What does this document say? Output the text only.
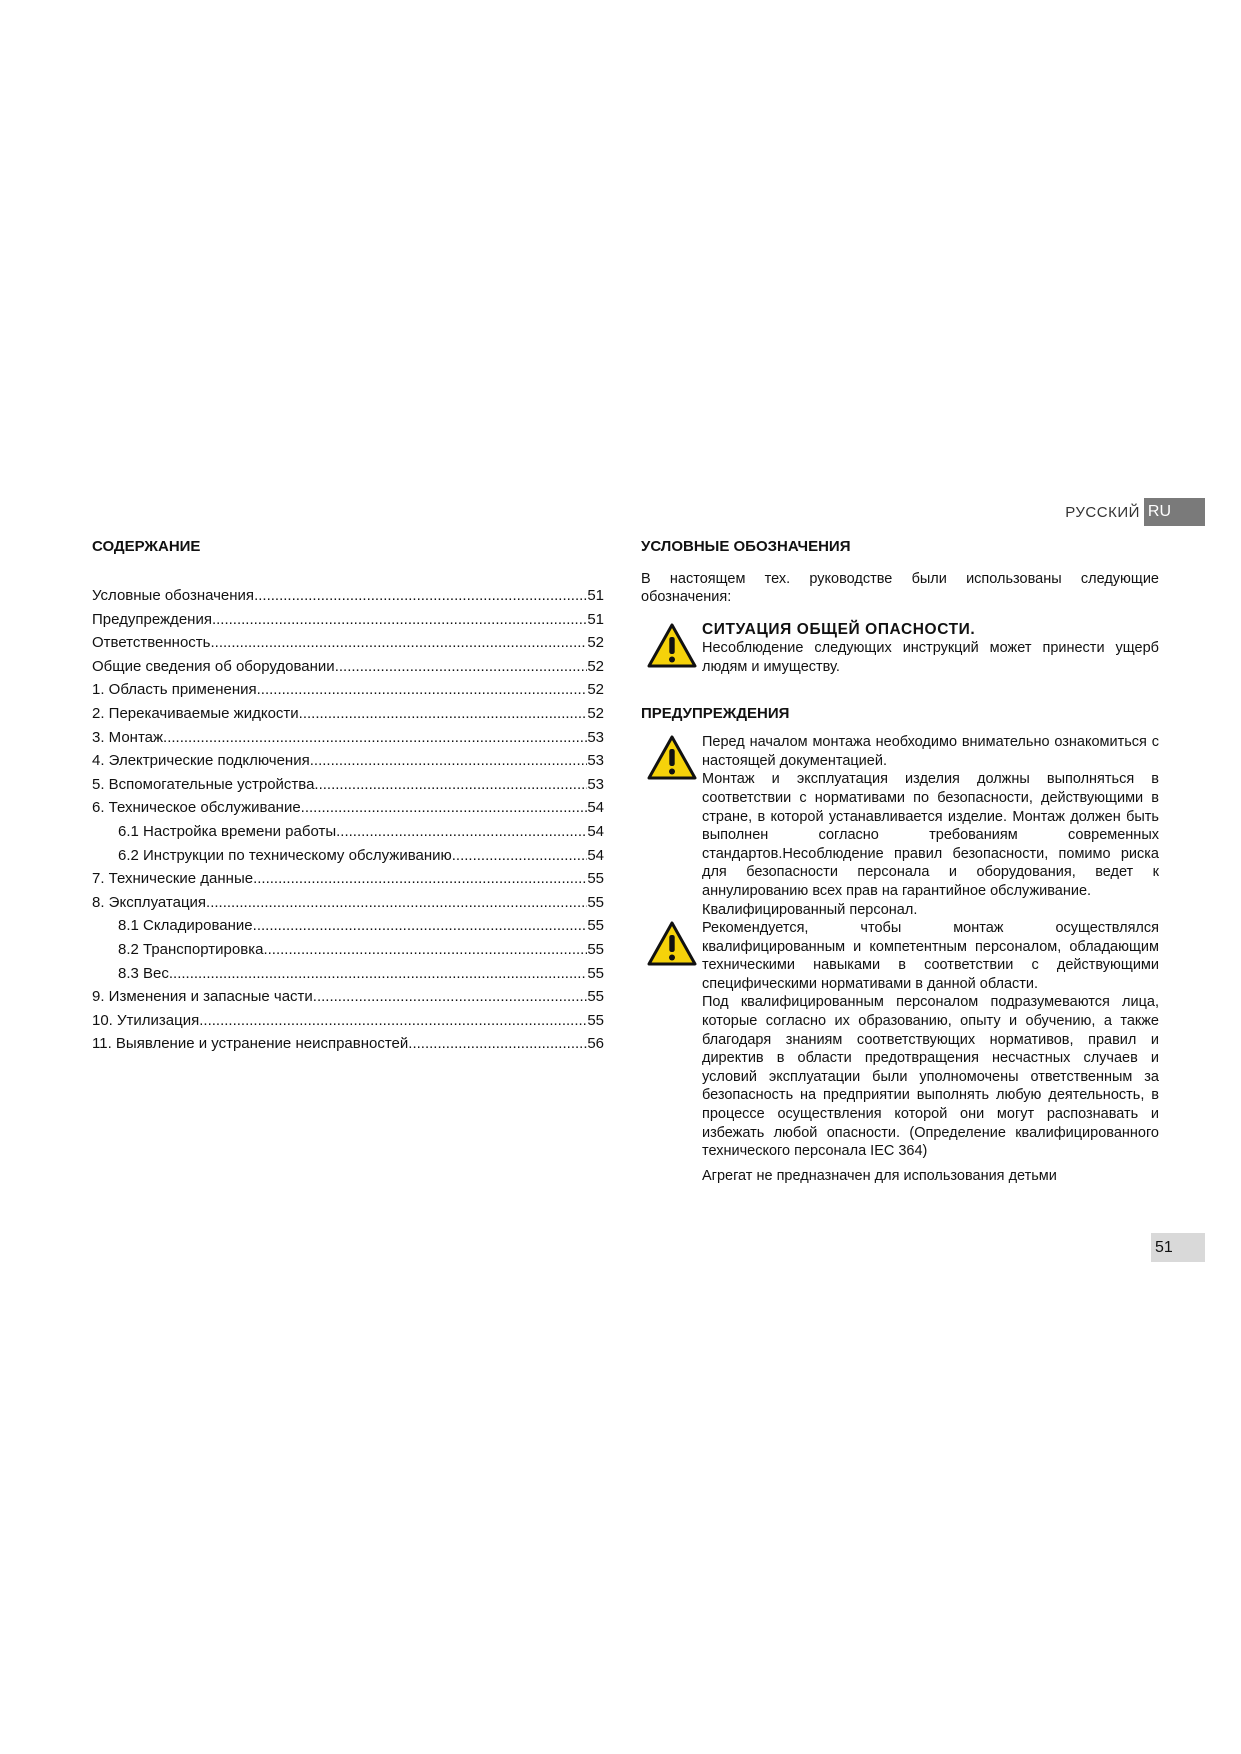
РУССКИЙ RU

СОДЕРЖАНИЕ

Условные обозначения .....	51
Предупреждения .....	51
Ответственность .....	52
Общие сведения об оборудовании .....	52
1. Область применения .....	52
2. Перекачиваемые жидкости .....	52
3. Монтаж .....	53
4. Электрические подключения .....	53
5. Вспомогательные устройства .....	53
6. Техническое обслуживание .....	54
6.1 Настройка времени работы .....	54
6.2 Инструкции по техническому обслуживанию .....	54
7. Технические данные .....	55
8. Эксплуатация .....	55
8.1 Складирование .....	55
8.2 Транспортировка .....	55
8.3 Вес .....	55
9. Изменения и запасные части .....	55
10. Утилизация .....	55
11. Выявление и устранение неисправностей .....	56

УСЛОВНЫЕ ОБОЗНАЧЕНИЯ

В настоящем тех. руководстве были использованы следующие обозначения:

СИТУАЦИЯ ОБЩЕЙ ОПАСНОСТИ.

Несоблюдение следующих инструкций может принести ущерб людям и имуществу.

ПРЕДУПРЕЖДЕНИЯ

Перед началом монтажа необходимо внимательно ознакомиться с настоящей документацией.

Монтаж и эксплуатация изделия должны выполняться в соответствии с нормативами по безопасности, действующими в стране, в которой устанавливается изделие. Монтаж должен быть выполнен согласно требованиям современных стандартов.Несоблюдение правил безопасности, помимо риска для безопасности персонала и оборудования, ведет к аннулированию всех прав на гарантийное обслуживание.

Квалифицированный персонал.

Рекомендуется, чтобы монтаж осуществлялся квалифицированным и компетентным персоналом, обладающим техническими навыками в соответствии с действующими специфическими нормативами в данной области.

Под квалифицированным персоналом подразумеваются лица, которые согласно их образованию, опыту и обучению, а также благодаря знаниям соответствующих нормативов, правил и директив в области предотвращения несчастных случаев и условий эксплуатации были уполномочены ответственным за безопасность на предприятии выполнять любую деятельность, в процессе осуществления которой они могут распознавать и избежать любой опасности. (Определение квалифицированного технического персонала IEC 364)

Агрегат не предназначен для использования детьми

51
